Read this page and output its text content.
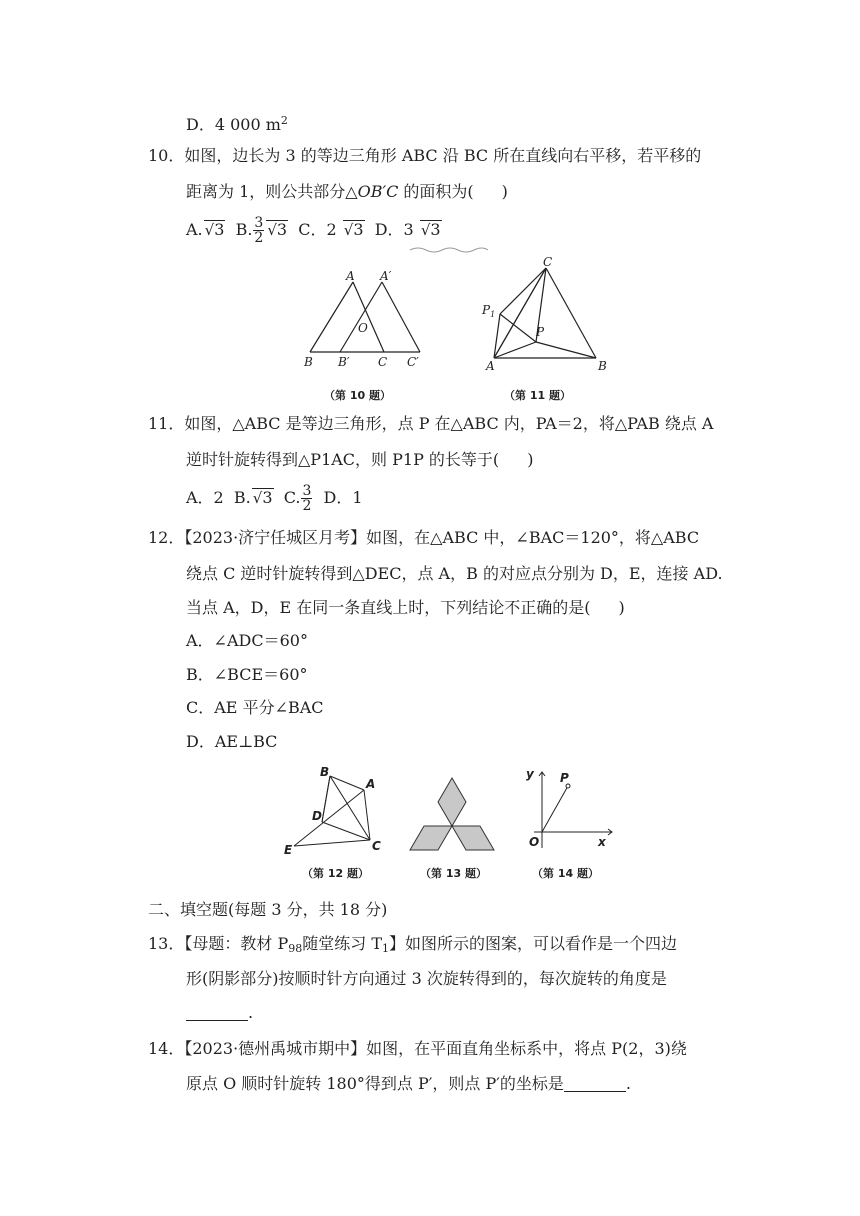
D．4 000 $m^2$
10．如图，边长为 3 的等边三角形 ABC 沿 BC 所在直线向右平移，若平移的
距离为 1，则公共部分△OB′C 的面积为( )
A. √3 B. $\frac{3}{2} √3$ C．2 √3 D．3 √3
A A′
O
B B′ C C′
（第 10 题）
C
$P_1$
P
A	B
（第 11 题）
11．如图，△ABC 是等边三角形，点 P 在△ABC 内，PA＝2，将△PAB 绕点 A
逆时针旋转得到△P1AC，则 P1P 的长等于( )
A．2 B. √3 C. $\frac{3}{2}$ D．1
12．【2023·济宁任城区月考】如图，在△ABC 中，∠BAC＝120°，将△ABC
绕点 C 逆时针旋转得到△DEC，点 A，B 的对应点分别为 D，E，连接 AD.
当点 A，D，E 在同一条直线上时，下列结论不正确的是( )
A．∠ADC＝60°
B．∠BCE＝60°
C．AE 平分∠BAC
D．AE⊥BC
B
A
D
E	C
（第 12 题）	（第 13 题）
y P
O	x
（第 14 题）
二、填空题(每题 3 分，共 18 分)
13．【母题：教材 $P_{98}$随堂练习 $T_1$】如图所示的图案，可以看作是一个四边
形(阴影部分)按顺时针方向通过 3 次旋转得到的，每次旋转的角度是
.
14．【2023·德州禹城市期中】如图，在平面直角坐标系中，将点 P(2，3)绕
原点 O 顺时针旋转 180°得到点 P′，则点 P′的坐标是	.
